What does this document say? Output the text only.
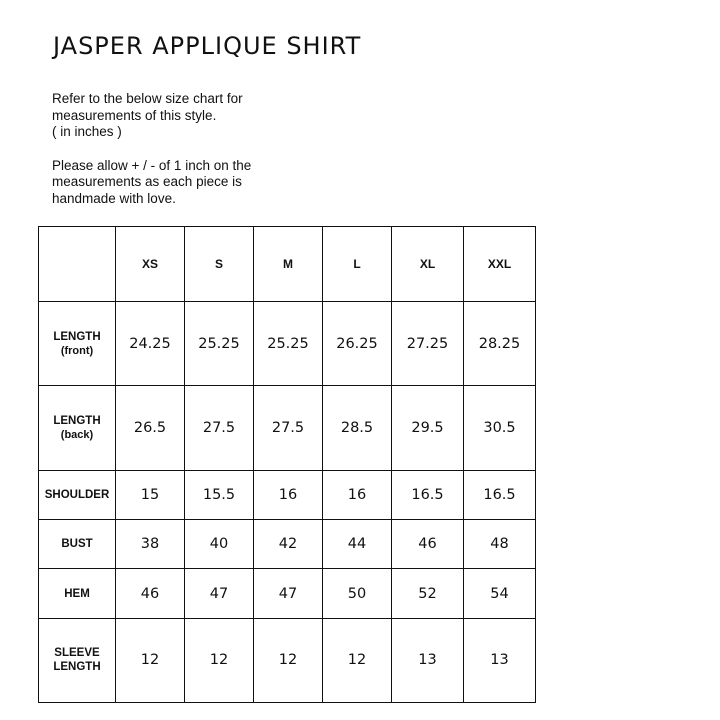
JASPER APPLIQUE SHIRT

Refer to the below size chart for

measurements of this style.

( in inches )

Please allow + / - of 1 inch on the

measurements as each piece is

handmade with love.

	XS	S	M	L	XL	XXL
LENGTH
(front)	24.25	25.25	25.25	26.25	27.25	28.25
LENGTH
(back)	26.5	27.5	27.5	28.5	29.5	30.5
SHOULDER	15	15.5	16	16	16.5	16.5
BUST	38	40	42	44	46	48
HEM	46	47	47	50	52	54
SLEEVE
LENGTH	12	12	12	12	13	13
